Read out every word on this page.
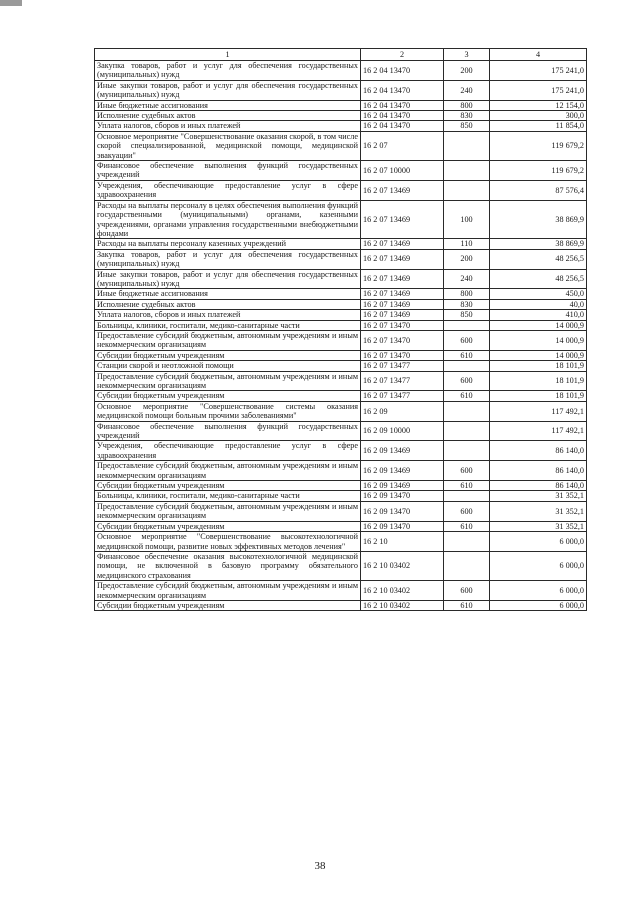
1	2	3	4
Закупка товаров, работ и услуг для обеспечения государственных (муниципальных) нужд	16 2 04 13470	200	175 241,0
Иные закупки товаров, работ и услуг для обеспечения государственных (муниципальных) нужд	16 2 04 13470	240	175 241,0
Иные бюджетные ассигнования	16 2 04 13470	800	12 154,0
Исполнение судебных актов	16 2 04 13470	830	300,0
Уплата налогов, сборов и иных платежей	16 2 04 13470	850	11 854,0
Основное мероприятие "Совершенствование оказания скорой, в том числе скорой специализированной, медицинской помощи, медицинской эвакуации"	16 2 07		119 679,2
Финансовое обеспечение выполнения функций государственных учреждений	16 2 07 10000		119 679,2
Учреждения, обеспечивающие предоставление услуг в сфере здравоохранения	16 2 07 13469		87 576,4
Расходы на выплаты персоналу в целях обеспечения выполнения функций государственными (муниципальными) органами, казенными учреждениями, органами управления государственными внебюджетными фондами	16 2 07 13469	100	38 869,9
Расходы на выплаты персоналу казенных учреждений	16 2 07 13469	110	38 869,9
Закупка товаров, работ и услуг для обеспечения государственных (муниципальных) нужд	16 2 07 13469	200	48 256,5
Иные закупки товаров, работ и услуг для обеспечения государственных (муниципальных) нужд	16 2 07 13469	240	48 256,5
Иные бюджетные ассигнования	16 2 07 13469	800	450,0
Исполнение судебных актов	16 2 07 13469	830	40,0
Уплата налогов, сборов и иных платежей	16 2 07 13469	850	410,0
Больницы, клиники, госпитали, медико-санитарные части	16 2 07 13470		14 000,9
Предоставление субсидий бюджетным, автономным учреждениям и иным некоммерческим организациям	16 2 07 13470	600	14 000,9
Субсидии бюджетным учреждениям	16 2 07 13470	610	14 000,9
Станции скорой и неотложной помощи	16 2 07 13477		18 101,9
Предоставление субсидий бюджетным, автономным учреждениям и иным некоммерческим организациям	16 2 07 13477	600	18 101,9
Субсидии бюджетным учреждениям	16 2 07 13477	610	18 101,9
Основное мероприятие "Совершенствование системы оказания медицинской помощи больным прочими заболеваниями"	16 2 09		117 492,1
Финансовое обеспечение выполнения функций государственных учреждений	16 2 09 10000		117 492,1
Учреждения, обеспечивающие предоставление услуг в сфере здравоохранения	16 2 09 13469		86 140,0
Предоставление субсидий бюджетным, автономным учреждениям и иным некоммерческим организациям	16 2 09 13469	600	86 140,0
Субсидии бюджетным учреждениям	16 2 09 13469	610	86 140,0
Больницы, клиники, госпитали, медико-санитарные части	16 2 09 13470		31 352,1
Предоставление субсидий бюджетным, автономным учреждениям и иным некоммерческим организациям	16 2 09 13470	600	31 352,1
Субсидии бюджетным учреждениям	16 2 09 13470	610	31 352,1
Основное мероприятие "Совершенствование высокотехнологичной медицинской помощи, развитие новых эффективных методов лечения"	16 2 10		6 000,0
Финансовое обеспечение оказания высокотехнологичной медицинской помощи, не включенной в базовую программу обязательного медицинского страхования	16 2 10 03402		6 000,0
Предоставление субсидий бюджетным, автономным учреждениям и иным некоммерческим организациям	16 2 10 03402	600	6 000,0
Субсидии бюджетным учреждениям	16 2 10 03402	610	6 000,0
38
